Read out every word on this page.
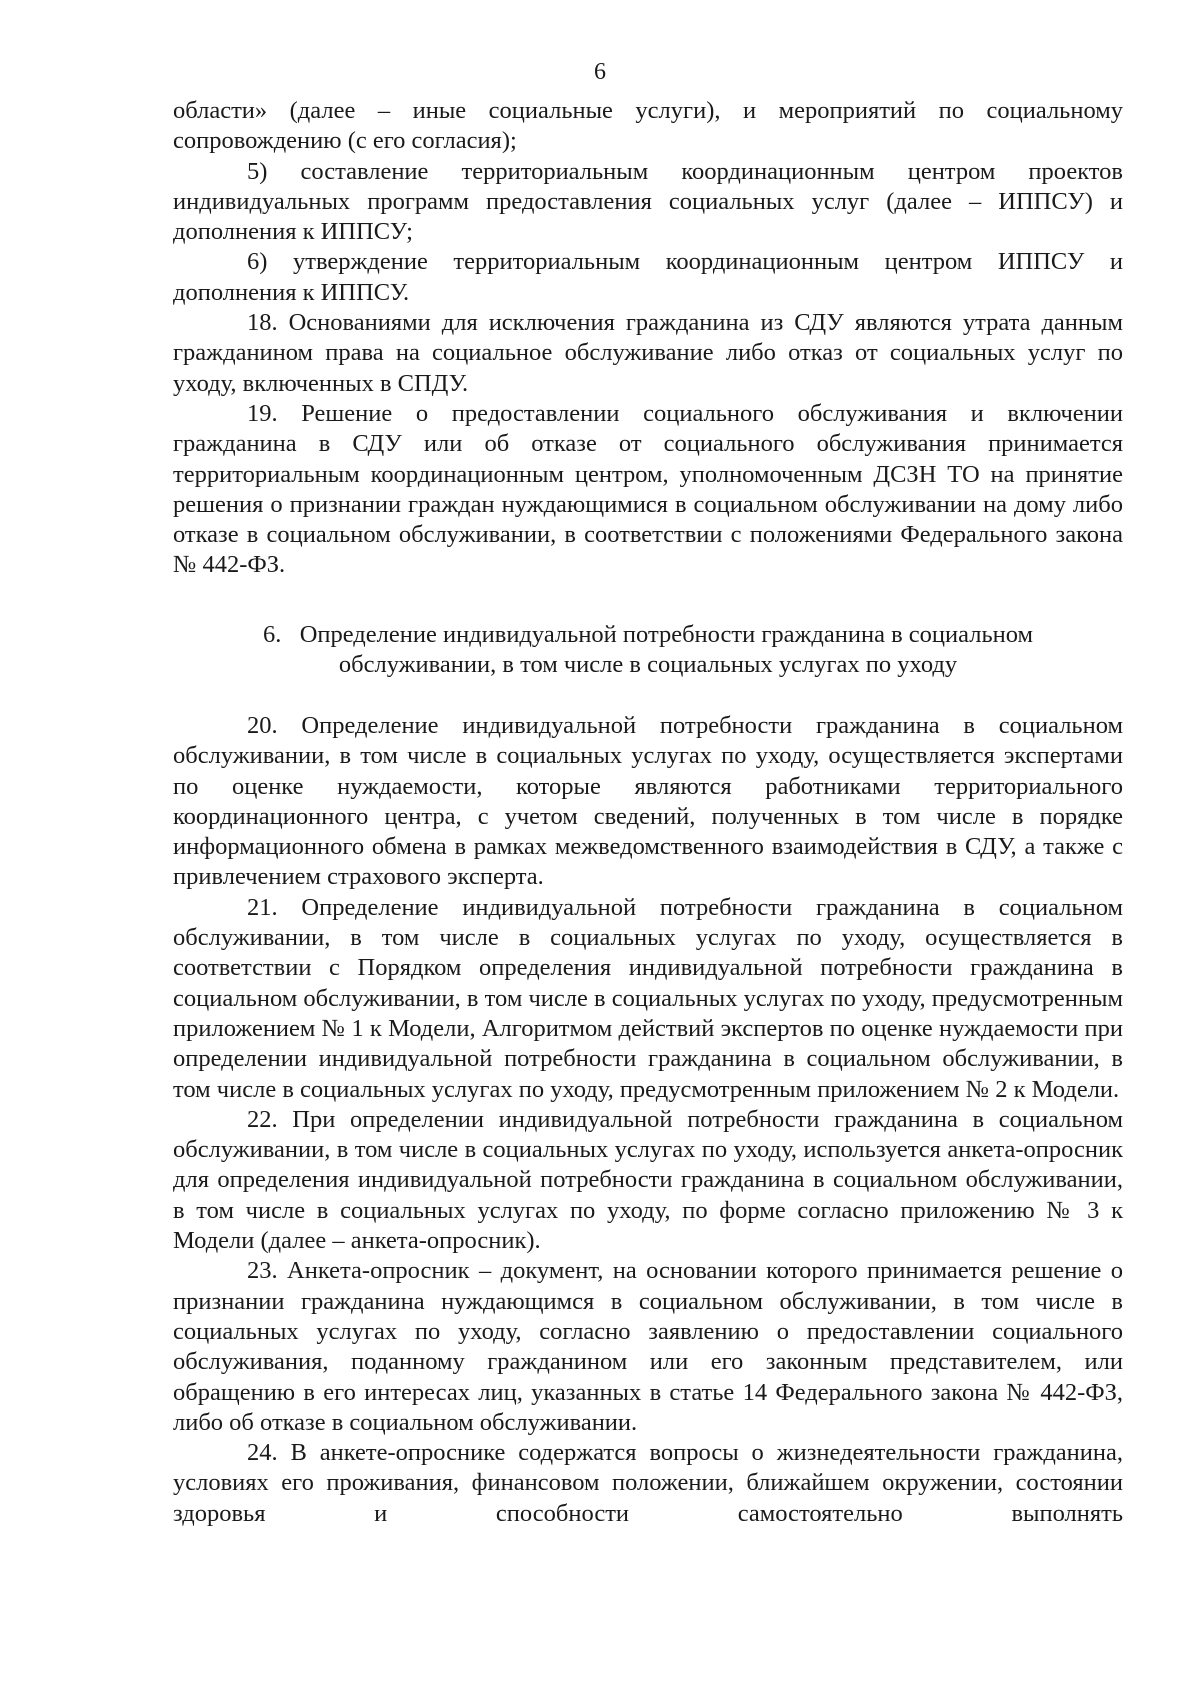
6

области» (далее – иные социальные услуги), и мероприятий по социальному сопровождению (с его согласия);

5) составление территориальным координационным центром проектов индивидуальных программ предоставления социальных услуг (далее – ИППСУ) и дополнения к ИППСУ;

6) утверждение территориальным координационным центром ИППСУ и дополнения к ИППСУ.

18. Основаниями для исключения гражданина из СДУ являются утрата данным гражданином права на социальное обслуживание либо отказ от социальных услуг по уходу, включенных в СПДУ.

19. Решение о предоставлении социального обслуживания и включении гражданина в СДУ или об отказе от социального обслуживания принимается территориальным координационным центром, уполномоченным ДСЗН ТО на принятие решения о признании граждан нуждающимися в социальном обслуживании на дому либо отказе в социальном обслуживании, в соответствии с положениями Федерального закона № 442-ФЗ.

6.   Определение индивидуальной потребности гражданина в социальном
обслуживании, в том числе в социальных услугах по уходу

20. Определение индивидуальной потребности гражданина в социальном обслуживании, в том числе в социальных услугах по уходу, осуществляется экспертами по оценке нуждаемости, которые являются работниками территориального координационного центра, с учетом сведений, полученных в том числе в порядке информационного обмена в рамках межведомственного взаимодействия в СДУ, а также с привлечением страхового эксперта.

21. Определение индивидуальной потребности гражданина в социальном обслуживании, в том числе в социальных услугах по уходу, осуществляется в соответствии с Порядком определения индивидуальной потребности гражданина в социальном обслуживании, в том числе в социальных услугах по уходу, предусмотренным приложением № 1 к Модели, Алгоритмом действий экспертов по оценке нуждаемости при определении индивидуальной потребности гражданина в социальном обслуживании, в том числе в социальных услугах по уходу, предусмотренным приложением № 2 к Модели.

22. При определении индивидуальной потребности гражданина в социальном обслуживании, в том числе в социальных услугах по уходу, используется анкета-опросник для определения индивидуальной потребности гражданина в социальном обслуживании, в том числе в социальных услугах по уходу, по форме согласно приложению № 3 к Модели (далее – анкета-опросник).

23. Анкета-опросник – документ, на основании которого принимается решение о признании гражданина нуждающимся в социальном обслуживании, в том числе в социальных услугах по уходу, согласно заявлению о предоставлении социального обслуживания, поданному гражданином или его законным представителем, или обращению в его интересах лиц, указанных в статье 14 Федерального закона № 442-ФЗ, либо об отказе в социальном обслуживании.

24. В анкете-опроснике содержатся вопросы о жизнедеятельности гражданина, условиях его проживания, финансовом положении, ближайшем окружении, состоянии здоровья и способности самостоятельно выполнять
